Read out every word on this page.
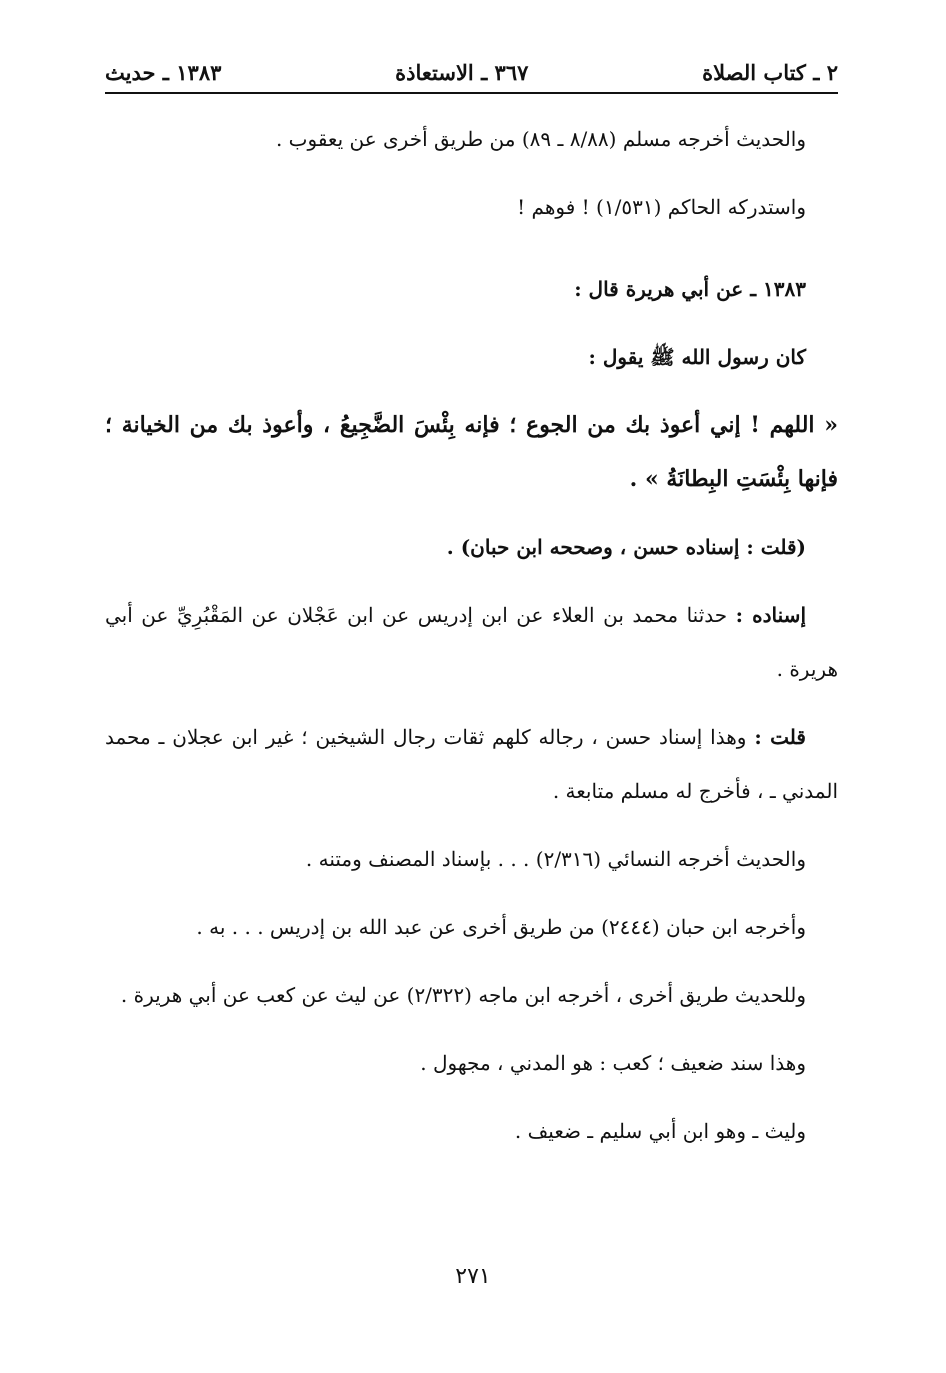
٢ ـ كتاب الصلاة
٣٦٧ ـ الاستعاذة
١٣٨٣ ـ حديث

والحديث أخرجه مسلم (٨/٨٨ ـ ٨٩) من طريق أخرى عن يعقوب .

واستدركه الحاكم (١/٥٣١) ! فوهم !

١٣٨٣ ـ عن أبي هريرة قال :

كان رسول الله ﷺ يقول :

« اللهم ! إني أعوذ بك من الجوع ؛ فإنه بِئْسَ الضَّجِيعُ ، وأعوذ بك من الخيانة ؛ فإنها بِئْسَتِ البِطانَةُ » .

(قلت : إسناده حسن ، وصححه ابن حبان) .

إسناده : حدثنا محمد بن العلاء عن ابن إدريس عن ابن عَجْلان عن المَقْبُرِيِّ عن أبي هريرة .

قلت : وهذا إسناد حسن ، رجاله كلهم ثقات رجال الشيخين ؛ غير ابن عجلان ـ محمد المدني ـ ، فأخرج له مسلم متابعة .

والحديث أخرجه النسائي (٢/٣١٦) . . . بإسناد المصنف ومتنه .

وأخرجه ابن حبان (٢٤٤٤) من طريق أخرى عن عبد الله بن إدريس . . . به .

وللحديث طريق أخرى ، أخرجه ابن ماجه (٢/٣٢٢) عن ليث عن كعب عن أبي هريرة .

وهذا سند ضعيف ؛ كعب : هو المدني ، مجهول .

وليث ـ وهو ابن أبي سليم ـ ضعيف .

٢٧١
